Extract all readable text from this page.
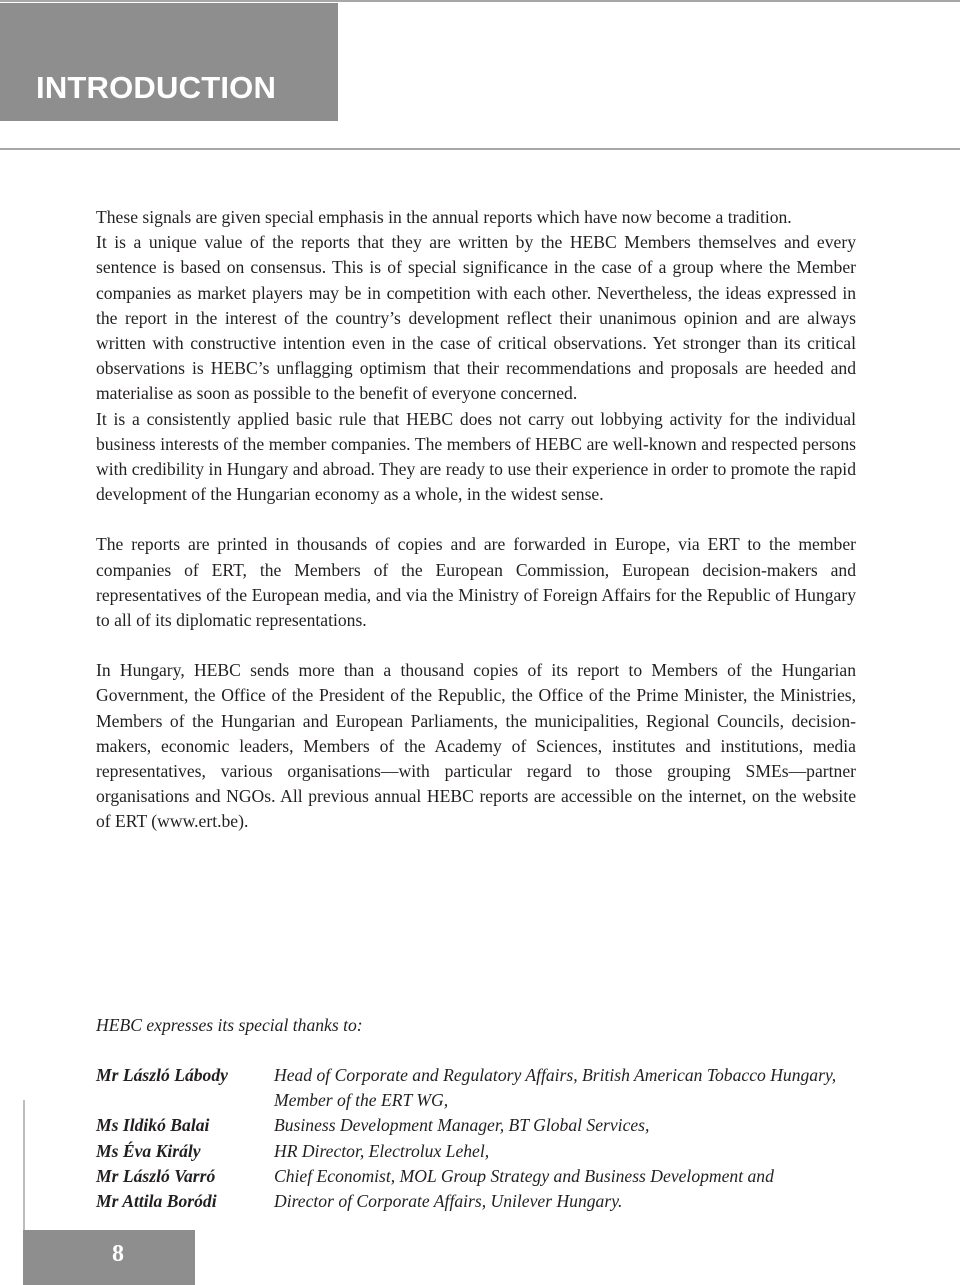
INTRODUCTION

These signals are given special emphasis in the annual reports which have now become a tradition.

It is a unique value of the reports that they are written by the HEBC Members themselves and every sentence is based on consensus. This is of special significance in the case of a group where the Member companies as market players may be in competition with each other. Nevertheless, the ideas expressed in the report in the interest of the country’s development reflect their unanimous opinion and are always written with constructive intention even in the case of critical observations. Yet stronger than its critical observations is HEBC’s unflagging optimism that their recommendations and proposals are heeded and materialise as soon as possible to the benefit of everyone concerned.

It is a consistently applied basic rule that HEBC does not carry out lobbying activity for the individual business interests of the member companies. The members of HEBC are well-known and respected persons with credibility in Hungary and abroad. They are ready to use their experience in order to promote the rapid development of the Hungarian economy as a whole, in the widest sense.

The reports are printed in thousands of copies and are forwarded in Europe, via ERT to the member companies of ERT, the Members of the European Commission, European decision-makers and representatives of the European media, and via the Ministry of Foreign Affairs for the Republic of Hungary to all of its diplomatic representations.

In Hungary, HEBC sends more than a thousand copies of its report to Members of the Hungarian Government, the Office of the President of the Republic, the Office of the Prime Minister, the Ministries, Members of the Hungarian and European Parliaments, the municipalities, Regional Councils, decision-makers, economic leaders, Members of the Academy of Sciences, institutes and institutions, media representatives, various organisations—with particular regard to those grouping SMEs—partner organisations and NGOs. All previous annual HEBC reports are accessible on the internet, on the website of ERT (www.ert.be).

HEBC expresses its special thanks to:

Mr László Lábody	Head of Corporate and Regulatory Affairs, British American Tobacco Hungary, Member of the ERT WG,
Ms Ildikó Balai	Business Development Manager, BT Global Services,
Ms Éva Király	HR Director, Electrolux Lehel,
Mr László Varró	Chief Economist, MOL Group Strategy and Business Development and
Mr Attila Boródi	Director of Corporate Affairs, Unilever Hungary.
8
